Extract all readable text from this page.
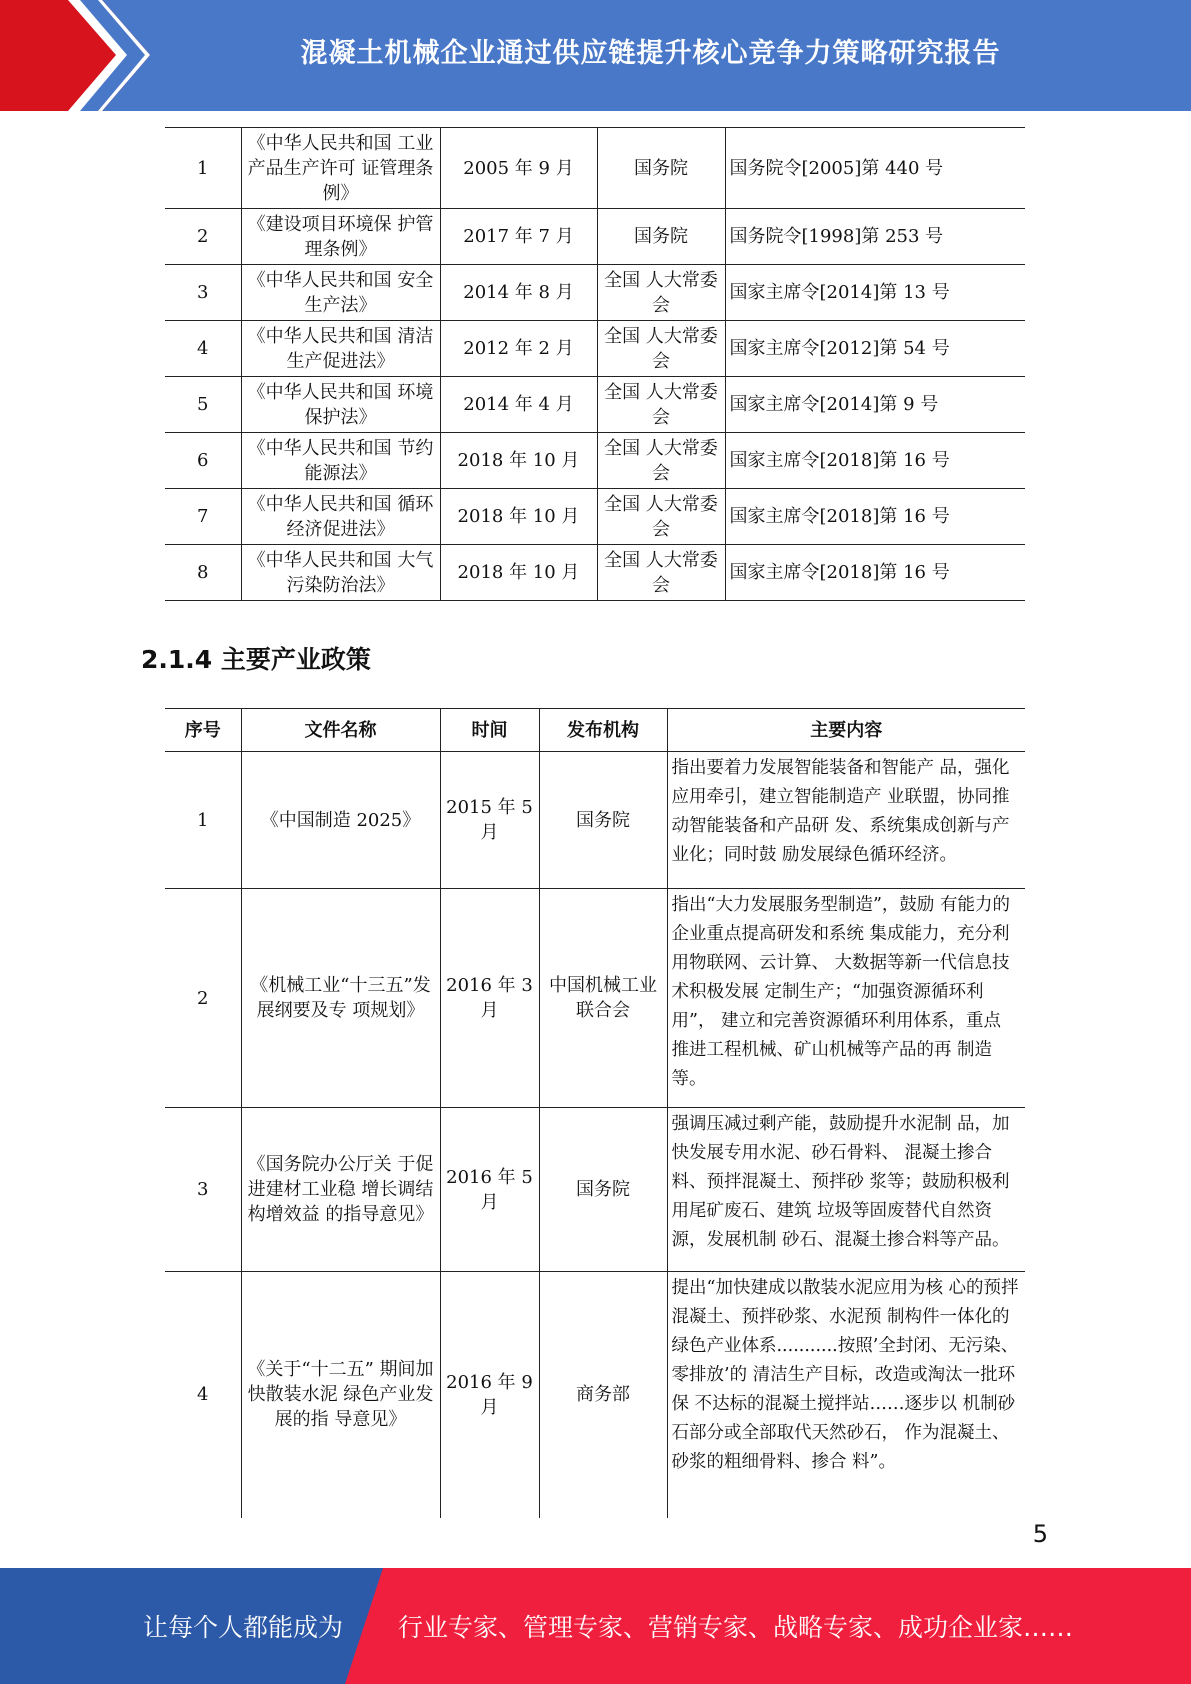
混凝土机械企业通过供应链提升核心竞争力策略研究报告
1	《中华人民共和国 工业产品生产许可 证管理条例》	2005 年 9 月	国务院	国务院令[2005]第 440 号
2	《建设项目环境保 护管理条例》	2017 年 7 月	国务院	国务院令[1998]第 253 号
3	《中华人民共和国 安全生产法》	2014 年 8 月	全国 人大常委会	国家主席令[2014]第 13 号
4	《中华人民共和国 清洁生产促进法》	2012 年 2 月	全国 人大常委会	国家主席令[2012]第 54 号
5	《中华人民共和国 环境保护法》	2014 年 4 月	全国 人大常委会	国家主席令[2014]第 9 号
6	《中华人民共和国 节约能源法》	2018 年 10 月	全国 人大常委会	国家主席令[2018]第 16 号
7	《中华人民共和国 循环经济促进法》	2018 年 10 月	全国 人大常委会	国家主席令[2018]第 16 号
8	《中华人民共和国 大气污染防治法》	2018 年 10 月	全国 人大常委会	国家主席令[2018]第 16 号
2.1.4 主要产业政策
序号	文件名称	时间	发布机构	主要内容
1	《中国制造 2025》	2015 年 5 月	国务院	指出要着力发展智能装备和智能产 品，强化应用牵引，建立智能制造产 业联盟，协同推动智能装备和产品研 发、系统集成创新与产业化；同时鼓 励发展绿色循环经济。
2	《机械工业“十三五”发展纲要及专 项规划》	2016 年 3 月	中国机械工业联合会	指出“大力发展服务型制造”，鼓励 有能力的企业重点提高研发和系统 集成能力，充分利用物联网、云计算、 大数据等新一代信息技术积极发展 定制生产；“加强资源循环利用”， 建立和完善资源循环利用体系，重点 推进工程机械、矿山机械等产品的再 制造等。
3	《国务院办公厅关 于促进建材工业稳 增长调结构增效益 的指导意见》	2016 年 5 月	国务院	强调压减过剩产能，鼓励提升水泥制 品，加快发展专用水泥、砂石骨料、 混凝土掺合料、预拌混凝土、预拌砂 浆等；鼓励积极利用尾矿废石、建筑 垃圾等固废替代自然资源，发展机制 砂石、混凝土掺合料等产品。
4	《关于“十二五” 期间加快散装水泥 绿色产业发展的指 导意见》	2016 年 9 月	商务部	提出“加快建成以散装水泥应用为核 心的预拌混凝土、预拌砂浆、水泥预 制构件一体化的绿色产业体系...........按照’全封闭、无污染、零排放’的 清洁生产目标，改造或淘汰一批环保 不达标的混凝土搅拌站……逐步以 机制砂石部分或全部取代天然砂石， 作为混凝土、砂浆的粗细骨料、掺合 料”。
5
让每个人都能成为 行业专家、管理专家、营销专家、战略专家、成功企业家……
